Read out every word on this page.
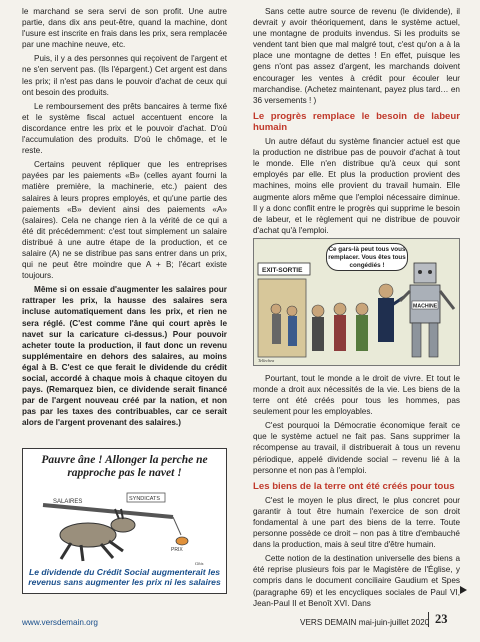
le marchand se sera servi de son profit. Une autre partie, dans dix ans peut-être, quand la machine, dont l'usure est inscrite en frais dans les prix, sera remplacée par une machine neuve, etc.

Puis, il y a des personnes qui reçoivent de l'argent et ne s'en servent pas. (Ils l'épargent.) Cet argent est dans les prix; il n'est pas dans le pouvoir d'achat de ceux qui ont besoin des produits.

Le remboursement des prêts bancaires à terme fixé et le système fiscal actuel accentuent encore la discordance entre les prix et le pouvoir d'achat. D'où l'accumulation des produits. D'où le chômage, et le reste.

Certains peuvent répliquer que les entreprises payées par les paiements «B» (celles ayant fourni la matière première, la machinerie, etc.) paient des salaires à leurs propres employés, et qu'une partie des paiements «B» devient ainsi des paiements «A» (salaires). Cela ne change rien à la vérité de ce qui a été dit précédemment: c'est tout simplement un salaire distribué à une autre étape de la production, et ce salaire (A) ne se distribue pas sans entrer dans un prix, qui ne peut être moindre que A + B; l'écart existe toujours.

Même si on essaie d'augmenter les salaires pour rattraper les prix, la hausse des salaires sera incluse automatiquement dans les prix, et rien ne sera réglé. (C'est comme l'âne qui court après le navet sur la caricature ci-dessus.) Pour pouvoir acheter toute la production, il faut donc un revenu supplémentaire en dehors des salaires, au moins égal à B. C'est ce que ferait le dividende du crédit social, accordé à chaque mois à chaque citoyen du pays. (Remarquez bien, ce dividende serait financé par de l'argent nouveau créé par la nation, et non pas par les taxes des contribuables, car ce serait alors de l'argent provenant des salaires.)

Pauvre âne ! Allonger la perche ne rapproche pas le navet !
SALAIRES	SYNDICATS
PRIX
Ghis
Le dividende du Crédit Social augmenterait les revenus sans augmenter les prix ni les salaires

Sans cette autre source de revenu (le dividende), il devrait y avoir théoriquement, dans le système actuel, une montagne de produits invendus. Si les produits se vendent tant bien que mal malgré tout, c'est qu'on a à la place une montagne de dettes ! En effet, puisque les gens n'ont pas assez d'argent, les marchands doivent encourager les ventes à crédit pour écouler leur marchandise. (Achetez maintenant, payez plus tard… en 36 versements ! )

Le progrès remplace le besoin de labeur humain

Un autre défaut du système financier actuel est que la production ne distribue pas de pouvoir d'achat à tout le monde. Elle n'en distribue qu'à ceux qui sont employés par elle. Et plus la production provient des machines, moins elle provient du travail humain. Elle augmente alors même que l'emploi nécessaire diminue. Il y a donc conflit entre le progrès qui supprime le besoin de labeur, et le règlement qui ne distribue de pouvoir d'achat qu'à l'emploi.

Pourtant, tout le monde a le droit de vivre. Et tout le monde a droit aux nécessités de la vie. Les biens de la terre ont été créés pour tous les hommes, pas seulement pour les employables.

C'est pourquoi la Démocratie économique ferait ce que le système actuel ne fait pas. Sans supprimer la récompense au travail, il distribuerait à tous un revenu périodique, appelé dividende social – revenu lié à la personne et non pas à l'emploi.

Les biens de la terre ont été créés pour tous

C'est le moyen le plus direct, le plus concret pour garantir à tout être humain l'exercice de son droit fondamental à une part des biens de la terre. Toute personne possède ce droit – non pas à titre d'embauché dans la production, mais à seul titre d'être humain.

Cette notion de la destination universelle des biens a été reprise plusieurs fois par le Magistère de l'Église, y compris dans le document conciliaire Gaudium et Spes (paragraphe 69) et les encycliques sociales de Paul VI, Jean-Paul II et Benoît XVI. Dans

EXIT-SORTIE
MACHINE
Tellechea
Ce gars-là peut tous vous remplacer. Vous êtes tous congédiés !
www.versdemain.org	VERS DEMAIN mai-juin-juillet 2020 23
